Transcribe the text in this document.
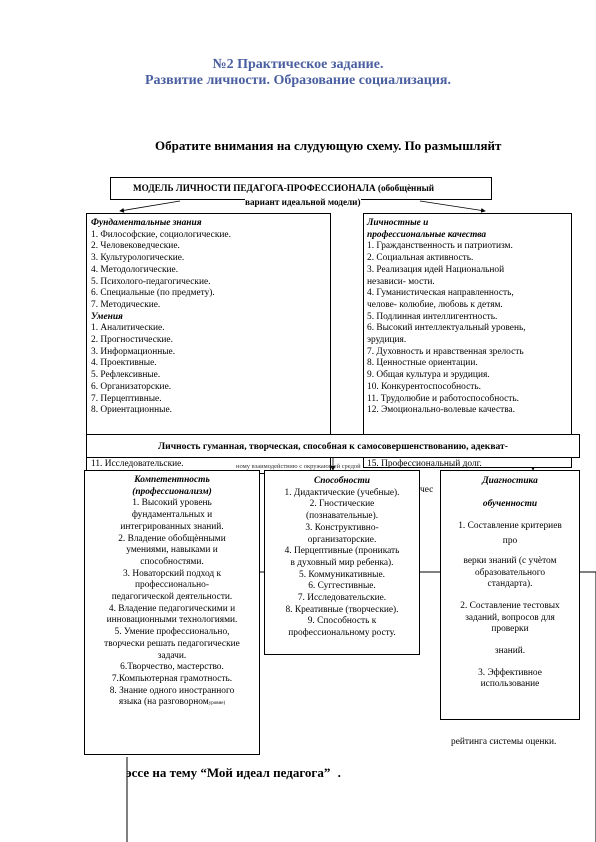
№2 Практическое задание.
Развитие личности. Образование социализация.
Обратите внимания на слудующую схему. По размышляйт
МОДЕЛЬ ЛИЧНОСТИ ПЕДАГОГА-ПРОФЕССИОНАЛА (обобщѐнный
вариант идеальной модели)
Фундаментальные знания
1. Философские, социологические.
2. Человековедческие.
3. Культурологические.
4. Методологические.
5. Психолого-педагогические.
6. Специальные (по предмету).
7. Методические.
Умения
1. Аналитические.
2. Прогностические.
3. Информационные.
4. Проективные.
5. Рефлексивные.
6. Организаторские.
7. Перцептивные.
8. Ориентационные.
11. Исследовательские.
Личностные и
профессиональные качества
1. Гражданственность и патриотизм.
2. Социальная активность.
3. Реализация идей Национальной
независи- мости.
4. Гуманистическая направленность,
челове- колюбие, любовь к детям.
5. Подлинная интеллигентность.
6. Высокий интеллектуальный уровень,
эрудиция.
7. Духовность и нравственная зрелость
8. Ценностные ориентации.
9. Общая культура и эрудиция.
10. Конкурентоспособность.
11. Трудолюбие и работоспособность.
12. Эмоционально-волевые качества.
15. Профессиональный долг.
ному взаимодействию с окружающей средой
чес
Личность гуманная, творческая, способная к самосовершенствованию, адекват-
Компетентность
(профессионализм)
1. Высокий уровень
фундаментальных и
интегрированных знаний.
2. Владение обобщѐнными
умениями, навыками и
способностями.
3. Новаторский подход к
профессионально-
педагогической деятельности.
4. Владение педагогическими и
инновационными технологиями.
5. Умение профессионально,
творчески решать педагогические
задачи.
6.Творчество, мастерство.
7.Компьютерная грамотность.
8. Знание одного иностранного
языка (на разговорномуровне)
Способности
1. Дидактические (учебные).
2. Гностические
(познавательные).
3. Конструктивно-
организаторские.
4. Перцептивные (проникать
в духовный мир ребенка).
5. Коммуникативные.
6. Суггестивные.
7. Исследовательские.
8. Креативные (творческие).
9. Способность к
профессиональному росту.
Диагностика
обученности
1. Составление критериев
про
верки знаний (с учѐтом
образовательного
стандарта).
2. Составление тестовых
заданий, вопросов для
проверки
знаний.
3. Эффективное
использование
рейтинга системы оценки.
эссе на тему “Мой идеал педагога” .
